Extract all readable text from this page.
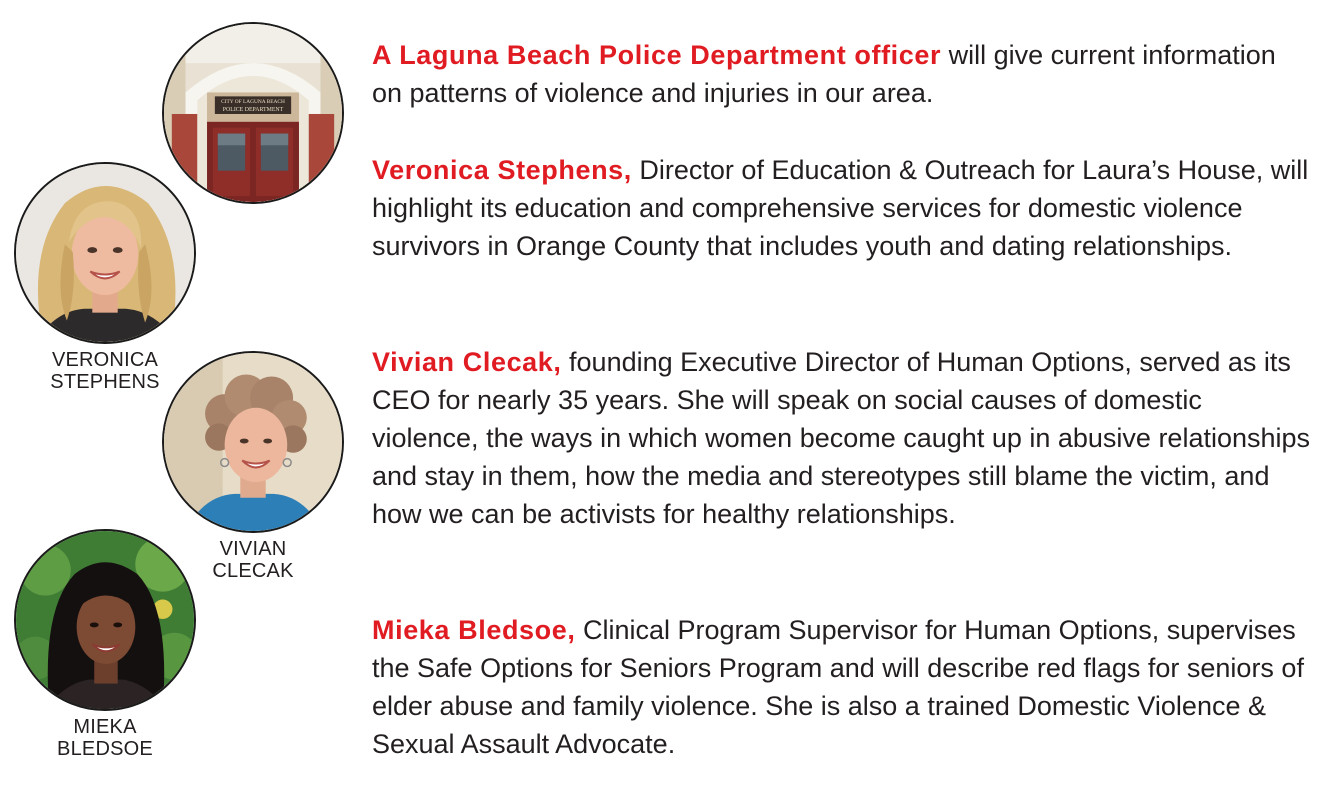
CITY OF LAGUNA BEACH
POLICE DEPARTMENT
VERONICA
STEPHENS
VIVIAN
CLECAK
MIEKA
BLEDSOE

A Laguna Beach Police Department officer will give current information on patterns of violence and injuries in our area.

Veronica Stephens, Director of Education & Outreach for Laura’s House, will highlight its education and comprehensive services for domestic violence survivors in Orange County that includes youth and dating relationships.

Vivian Clecak, founding Executive Director of Human Options, served as its CEO for nearly 35 years. She will speak on social causes of domestic violence, the ways in which women become caught up in abusive relationships and stay in them, how the media and stereotypes still blame the victim, and how we can be activists for healthy relationships.

Mieka Bledsoe, Clinical Program Supervisor for Human Options, supervises the Safe Options for Seniors Program and will describe red flags for seniors of elder abuse and family violence. She is also a trained Domestic Violence & Sexual Assault Advocate.
